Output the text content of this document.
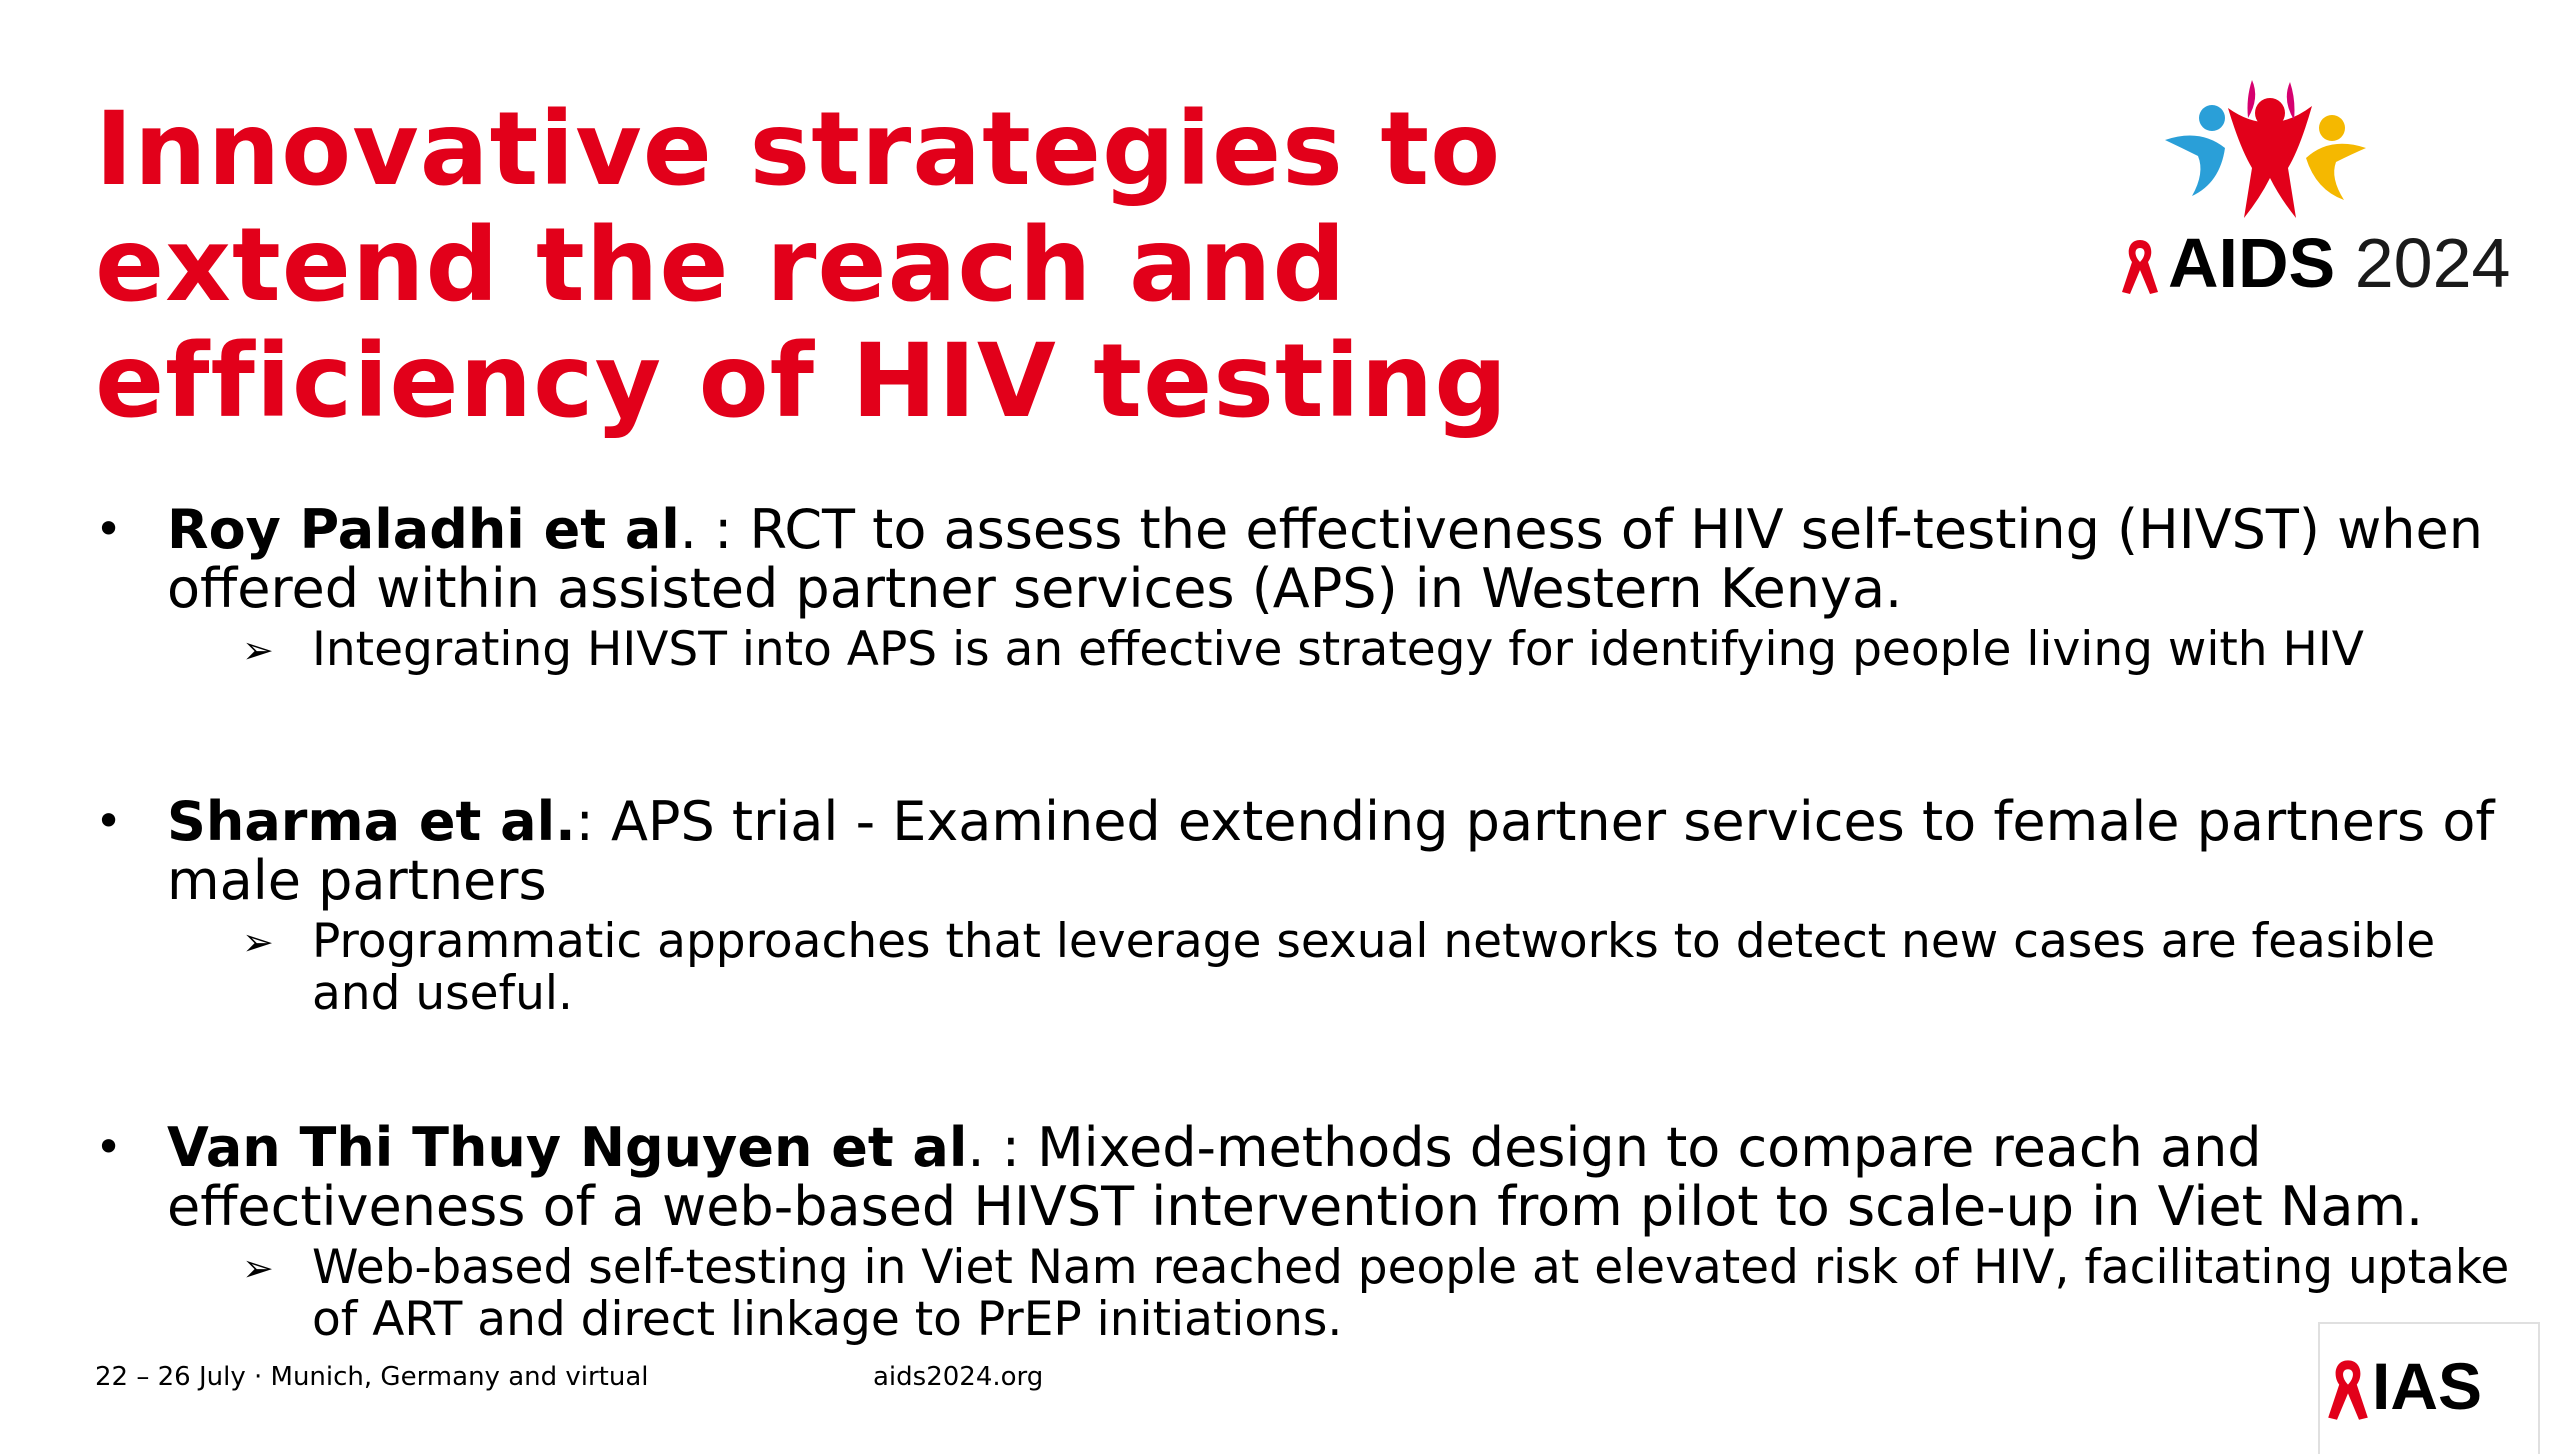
Innovative strategies to
extend the reach and
efficiency of HIV testing
AIDS 2024
• Roy Paladhi et al. : RCT to assess the effectiveness of HIV self-testing (HIVST) when offered within assisted partner services (APS) in Western Kenya.
➢ Integrating HIVST into APS is an effective strategy for identifying people living with HIV
• Sharma et al.: APS trial - Examined extending partner services to female partners of male partners
➢ Programmatic approaches that leverage sexual networks to detect new cases are feasible and useful.
• Van Thi Thuy Nguyen et al. : Mixed-methods design to compare reach and effectiveness of a web-based HIVST intervention from pilot to scale-up in Viet Nam.
➢ Web-based self-testing in Viet Nam reached people at elevated risk of HIV, facilitating uptake of ART and direct linkage to PrEP initiations.
22 – 26 July · Munich, Germany and virtual	aids2024.org	IAS
